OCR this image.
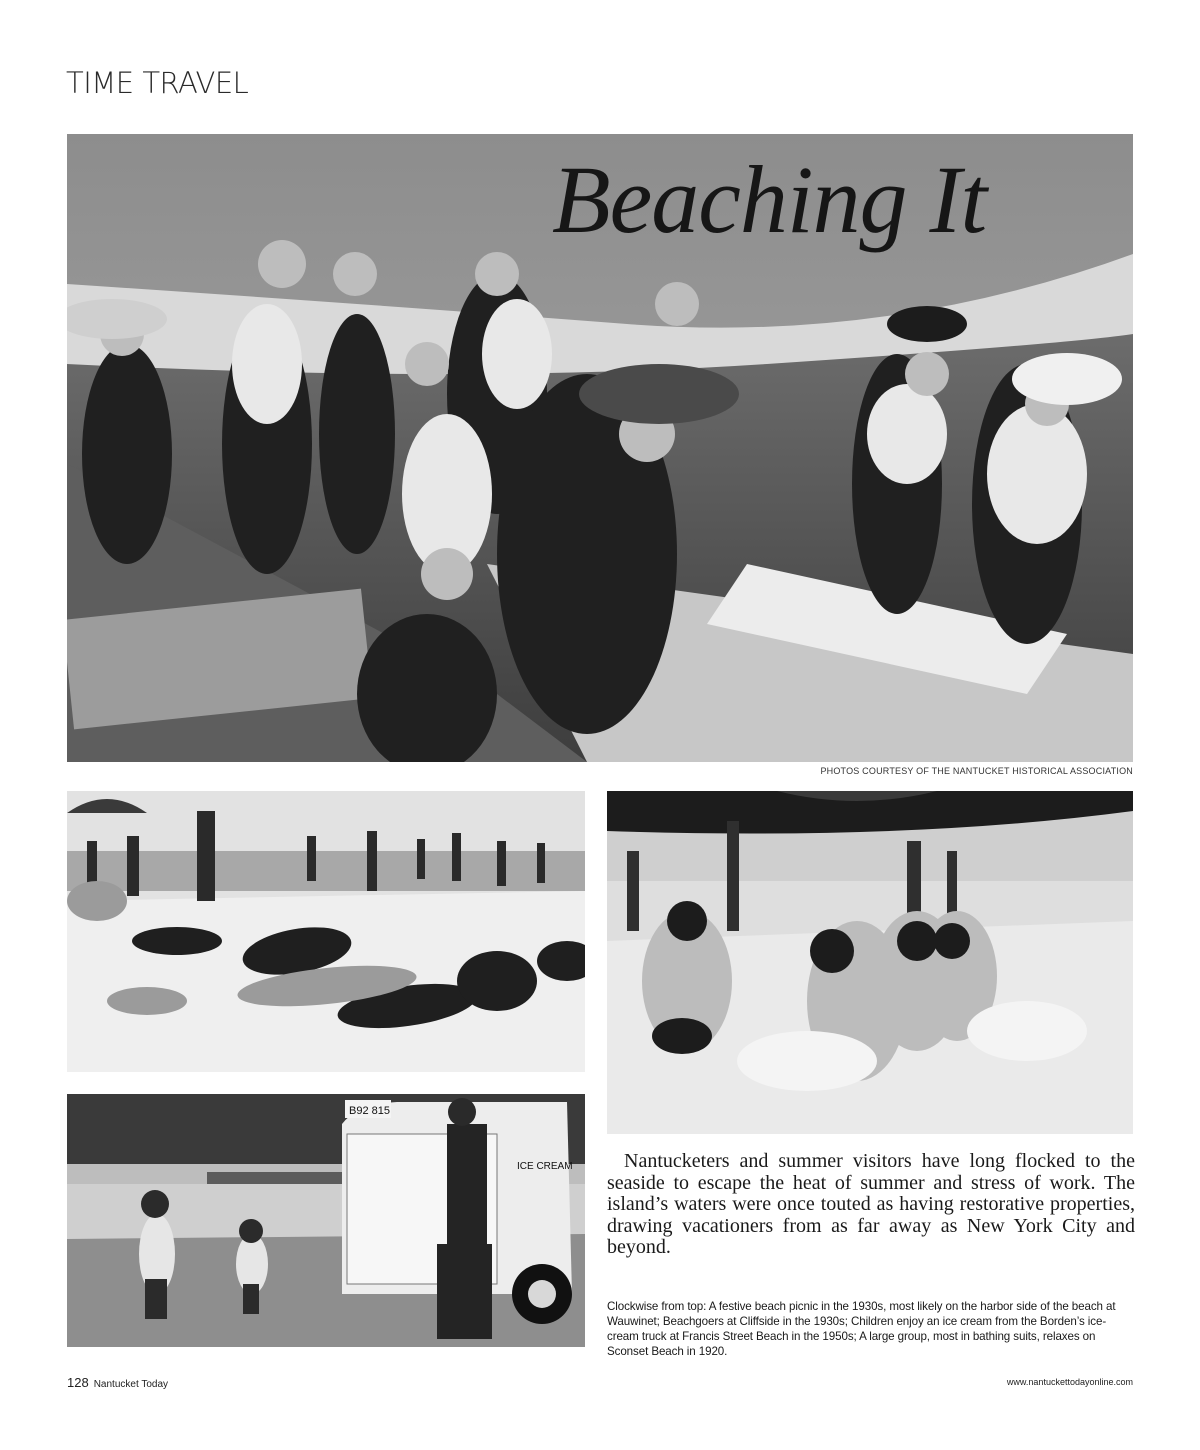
TIME TRAVEL
Beaching It
PHOTOS COURTESY OF THE NANTUCKET HISTORICAL ASSOCIATION
B92 815
ICE CREAM	Nantucketers and summer visitors have long flocked to the seaside to escape the heat of summer and stress of work. The island’s waters were once touted as having restorative properties, drawing vacationers from as far away as New York City and beyond.

Clockwise from top: A festive beach picnic in the 1930s, most likely on the harbor side of the beach at Wauwinet; Beachgoers at Cliffside in the 1930s; Children enjoy an ice cream from the Borden’s ice-cream truck at Francis Street Beach in the 1950s; A large group, most in bathing suits, relaxes on Sconset Beach in 1920.

128 Nantucket Today	www.nantuckettodayonline.com
